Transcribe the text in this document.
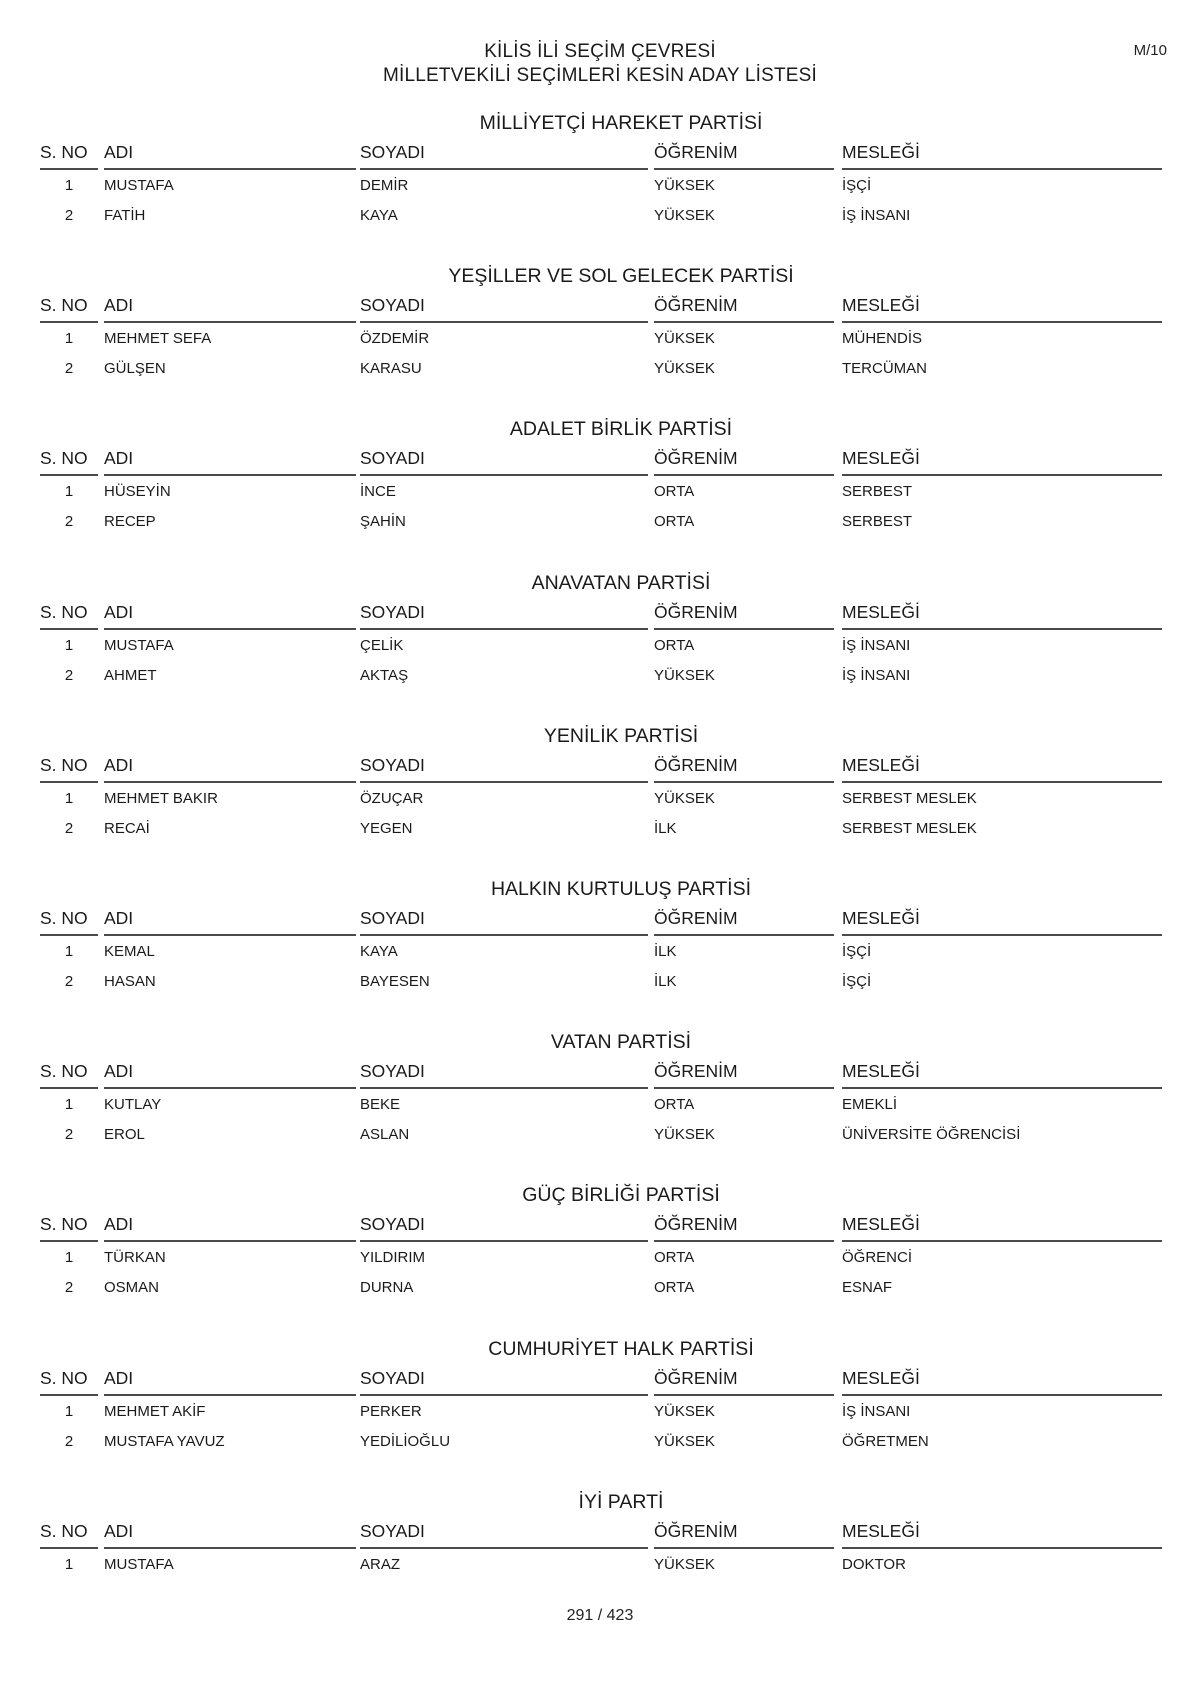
M/10
KİLİS İLİ SEÇİM ÇEVRESİ
MİLLETVEKİLİ SEÇİMLERİ KESİN ADAY LİSTESİ
MİLLİYETÇİ HAREKET PARTİSİ
S. NO ADI	SOYADI	ÖĞRENİM	MESLEĞİ
1	MUSTAFA	DEMİR	YÜKSEK	İŞÇİ
2	FATİH	KAYA	YÜKSEK	İŞ İNSANI
YEŞİLLER VE SOL GELECEK PARTİSİ
S. NO ADI	SOYADI	ÖĞRENİM	MESLEĞİ
1	MEHMET SEFA	ÖZDEMİR	YÜKSEK	MÜHENDİS
2	GÜLŞEN	KARASU	YÜKSEK	TERCÜMAN
ADALET BİRLİK PARTİSİ
S. NO ADI	SOYADI	ÖĞRENİM	MESLEĞİ
1	HÜSEYİN	İNCE	ORTA	SERBEST
2	RECEP	ŞAHİN	ORTA	SERBEST
ANAVATAN PARTİSİ
S. NO ADI	SOYADI	ÖĞRENİM	MESLEĞİ
1	MUSTAFA	ÇELİK	ORTA	İŞ İNSANI
2	AHMET	AKTAŞ	YÜKSEK	İŞ İNSANI
YENİLİK PARTİSİ
S. NO ADI	SOYADI	ÖĞRENİM	MESLEĞİ
1	MEHMET BAKIR	ÖZUÇAR	YÜKSEK	SERBEST MESLEK
2	RECAİ	YEGEN	İLK	SERBEST MESLEK
HALKIN KURTULUŞ PARTİSİ
S. NO ADI	SOYADI	ÖĞRENİM	MESLEĞİ
1	KEMAL	KAYA	İLK	İŞÇİ
2	HASAN	BAYESEN	İLK	İŞÇİ
VATAN PARTİSİ
S. NO ADI	SOYADI	ÖĞRENİM	MESLEĞİ
1	KUTLAY	BEKE	ORTA	EMEKLİ
2	EROL	ASLAN	YÜKSEK	ÜNİVERSİTE ÖĞRENCİSİ
GÜÇ BİRLİĞİ PARTİSİ
S. NO ADI	SOYADI	ÖĞRENİM	MESLEĞİ
1	TÜRKAN	YILDIRIM	ORTA	ÖĞRENCİ
2	OSMAN	DURNA	ORTA	ESNAF
CUMHURİYET HALK PARTİSİ
S. NO ADI	SOYADI	ÖĞRENİM	MESLEĞİ
1	MEHMET AKİF	PERKER	YÜKSEK	İŞ İNSANI
2	MUSTAFA YAVUZ	YEDİLİOĞLU	YÜKSEK	ÖĞRETMEN
İYİ PARTİ
S. NO ADI	SOYADI	ÖĞRENİM	MESLEĞİ
1	MUSTAFA	ARAZ	YÜKSEK	DOKTOR
291 / 423
